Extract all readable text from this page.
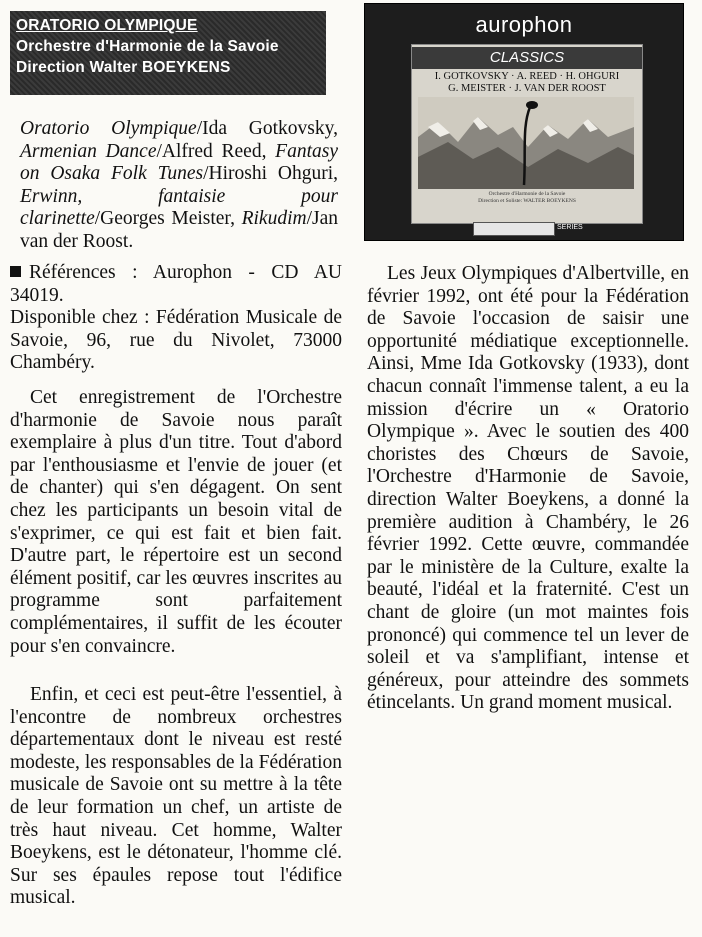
ORATORIO OLYMPIQUE
Orchestre d'Harmonie de la Savoie
Direction Walter BOEYKENS
Oratorio Olympique/Ida Gotkovsky, Armenian Dance/Alfred Reed, Fantasy on Osaka Folk Tunes/Hiroshi Ohguri, Erwinn, fantaisie pour clarinette/Georges Meister, Rikudim/Jan van der Roost.
Références : Aurophon - CD AU 34019.
Disponible chez : Fédération Musicale de Savoie, 96, rue du Nivolet, 73000 Chambéry.
Cet enregistrement de l'Orchestre d'harmonie de Savoie nous paraît exemplaire à plus d'un titre. Tout d'abord par l'enthousiasme et l'envie de jouer (et de chanter) qui s'en dégagent. On sent chez les participants un besoin vital de s'exprimer, ce qui est fait et bien fait. D'autre part, le répertoire est un second élément positif, car les œuvres inscrites au programme sont parfaitement complémentaires, il suffit de les écouter pour s'en convaincre.
Enfin, et ceci est peut-être l'essentiel, à l'encontre de nombreux orchestres départementaux dont le niveau est resté modeste, les responsables de la Fédération musicale de Savoie ont su mettre à la tête de leur formation un chef, un artiste de très haut niveau. Cet homme, Walter Boeykens, est le détonateur, l'homme clé. Sur ses épaules repose tout l'édifice musical.
aurophon
CLASSICS
I. GOTKOVSKY · A. REED · H. OHGURI
G. MEISTER · J. VAN DER ROOST
Orchestre d'Harmonie de la Savoie
Direction et Soliste: WALTER BOEYKENS
SERIES
Les Jeux Olympiques d'Albertville, en février 1992, ont été pour la Fédération de Savoie l'occasion de saisir une opportunité médiatique exceptionnelle. Ainsi, Mme Ida Gotkovsky (1933), dont chacun connaît l'immense talent, a eu la mission d'écrire un « Oratorio Olympique ». Avec le soutien des 400 choristes des Chœurs de Savoie, l'Orchestre d'Harmonie de Savoie, direction Walter Boeykens, a donné la première audition à Chambéry, le 26 février 1992. Cette œuvre, commandée par le ministère de la Culture, exalte la beauté, l'idéal et la fraternité. C'est un chant de gloire (un mot maintes fois prononcé) qui commence tel un lever de soleil et va s'amplifiant, intense et généreux, pour atteindre des sommets étincelants. Un grand moment musical.
